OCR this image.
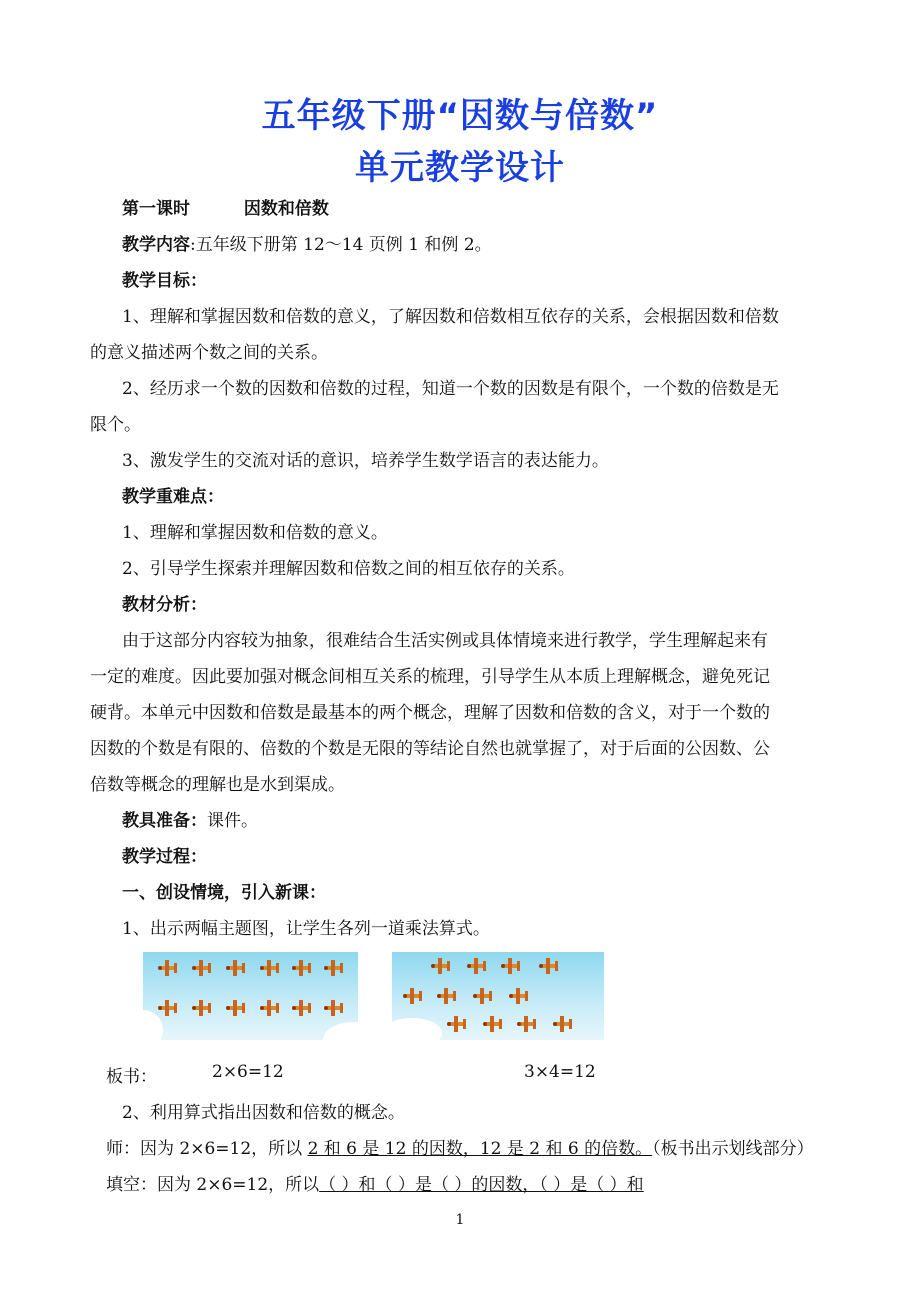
五年级下册“因数与倍数”
单元教学设计
第一课时	因数和倍数
教学内容:五年级下册第 12～14 页例 1 和例 2。
教学目标：
1、理解和掌握因数和倍数的意义，了解因数和倍数相互依存的关系，会根据因数和倍数
的意义描述两个数之间的关系。
2、经历求一个数的因数和倍数的过程，知道一个数的因数是有限个，一个数的倍数是无
限个。
3、激发学生的交流对话的意识，培养学生数学语言的表达能力。
教学重难点：
1、理解和掌握因数和倍数的意义。
2、引导学生探索并理解因数和倍数之间的相互依存的关系。
教材分析：
由于这部分内容较为抽象，很难结合生活实例或具体情境来进行教学，学生理解起来有
一定的难度。因此要加强对概念间相互关系的梳理，引导学生从本质上理解概念，避免死记
硬背。本单元中因数和倍数是最基本的两个概念，理解了因数和倍数的含义，对于一个数的
因数的个数是有限的、倍数的个数是无限的等结论自然也就掌握了，对于后面的公因数、公
倍数等概念的理解也是水到渠成。
教具准备：课件。
教学过程：
一、创设情境，引入新课：
1、出示两幅主题图，让学生各列一道乘法算式。
板书：	2×6=12	3×4=12
2、利用算式指出因数和倍数的概念。
师：因为 2×6=12，所以 2 和 6 是 12 的因数，12 是 2 和 6 的倍数。（板书出示划线部分）
填空：因为 2×6=12，所以（ ）和（ ）是（ ）的因数，（ ）是（ ）和
1
